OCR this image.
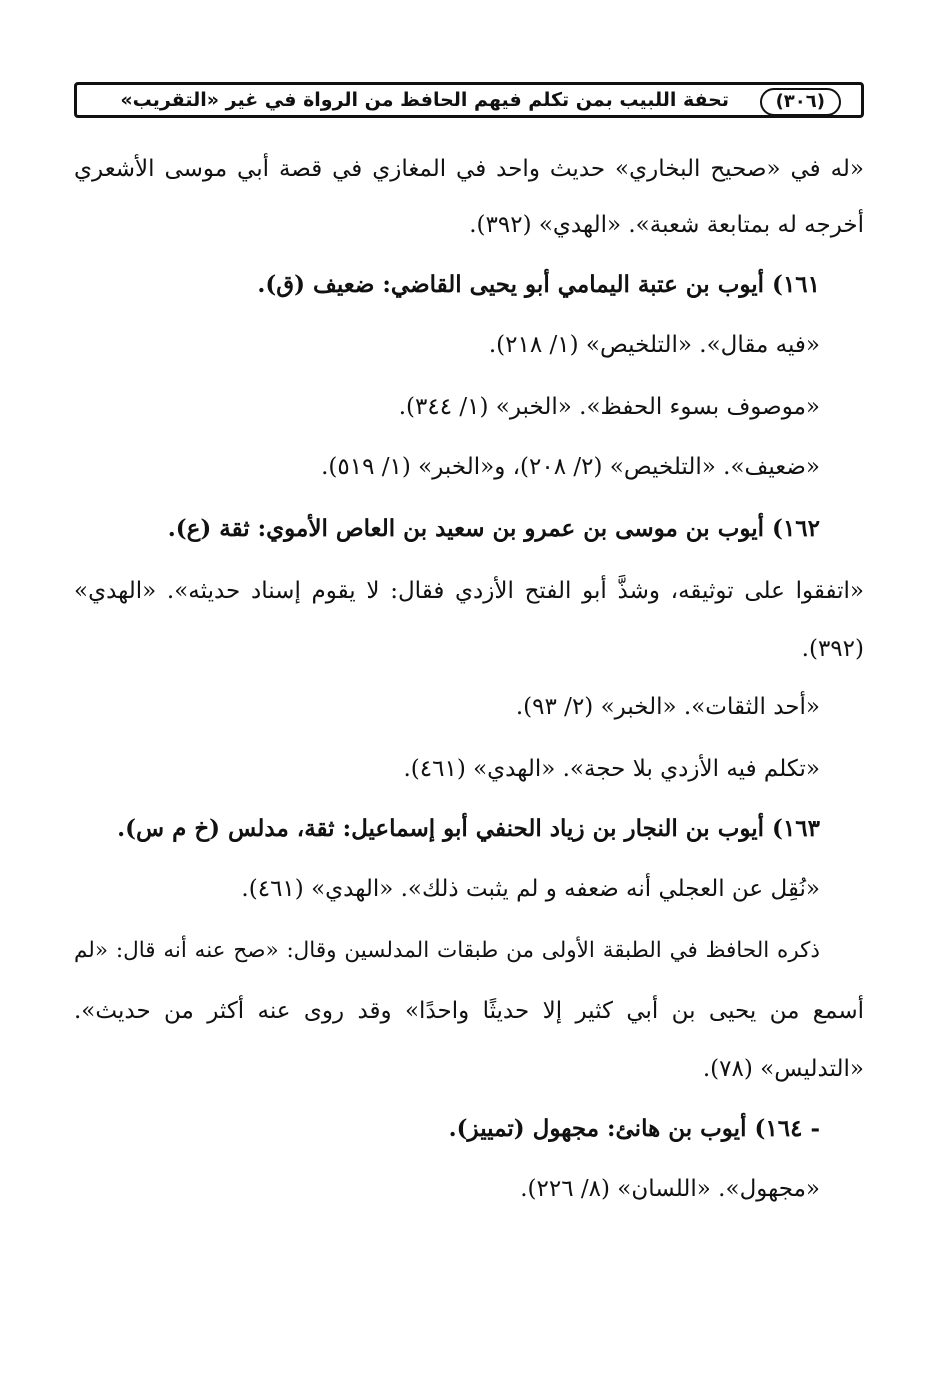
(٣٠٦)
تحفة اللبيب بمن تكلم فيهم الحافظ من الرواة في غير «التقريب»
«له في «صحيح البخاري» حديث واحد في المغازي في قصة أبي موسى الأشعري
أخرجه له بمتابعة شعبة». «الهدي» (٣٩٢).
١٦١) أيوب بن عتبة اليمامي أبو يحيى القاضي: ضعيف (ق).
«فيه مقال». «التلخيص» (١/ ٢١٨).
«موصوف بسوء الحفظ». «الخبر» (١/ ٣٤٤).
«ضعيف». «التلخيص» (٢/ ٢٠٨)، و«الخبر» (١/ ٥١٩).
١٦٢) أيوب بن موسى بن عمرو بن سعيد بن العاص الأموي: ثقة (ع).
«اتفقوا على توثيقه، وشذَّ أبو الفتح الأزدي فقال: لا يقوم إسناد حديثه». «الهدي»
(٣٩٢).
«أحد الثقات». «الخبر» (٢/ ٩٣).
«تكلم فيه الأزدي بلا حجة». «الهدي» (٤٦١).
١٦٣) أيوب بن النجار بن زياد الحنفي أبو إسماعيل: ثقة، مدلس (خ م س).
«نُقِل عن العجلي أنه ضعفه و لم يثبت ذلك». «الهدي» (٤٦١).
ذكره الحافظ في الطبقة الأولى من طبقات المدلسين وقال: «صح عنه أنه قال: «لم
أسمع من يحيى بن أبي كثير إلا حديثًا واحدًا» وقد روى عنه أكثر من حديث».
«التدليس» (٧٨).
- ١٦٤) أيوب بن هانئ: مجهول (تمييز).
«مجهول». «اللسان» (٨/ ٢٢٦).
